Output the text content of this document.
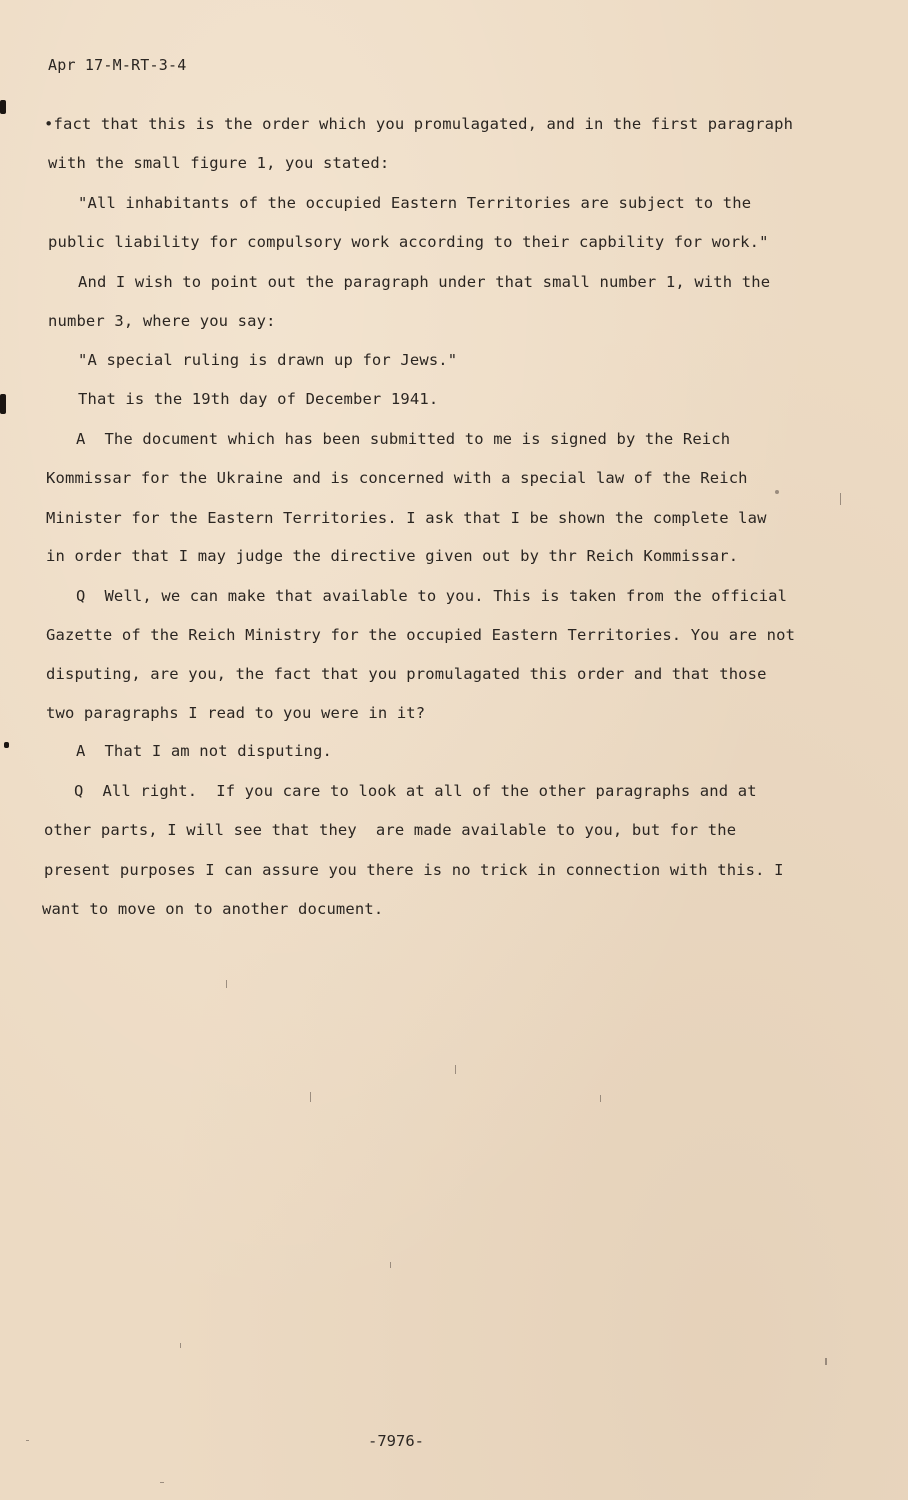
Apr 17-M-RT-3-4
•fact that this is the order which you promulagated, and in the first paragraph
with the small figure 1, you stated:
"All inhabitants of the occupied Eastern Territories are subject to the
public liability for compulsory work according to their capbility for work."
And I wish to point out the paragraph under that small number 1, with the
number 3, where you say:
"A special ruling is drawn up for Jews."
That is the 19th day of December 1941.
A  The document which has been submitted to me is signed by the Reich
Kommissar for the Ukraine and is concerned with a special law of the Reich
Minister for the Eastern Territories. I ask that I be shown the complete law
in order that I may judge the directive given out by thr Reich Kommissar.
Q  Well, we can make that available to you. This is taken from the official
Gazette of the Reich Ministry for the occupied Eastern Territories. You are not
disputing, are you, the fact that you promulagated this order and that those
two paragraphs I read to you were in it?
A  That I am not disputing.
Q  All right.  If you care to look at all of the other paragraphs and at
other parts, I will see that they  are made available to you, but for the
present purposes I can assure you there is no trick in connection with this. I
want to move on to another document.
-7976-
